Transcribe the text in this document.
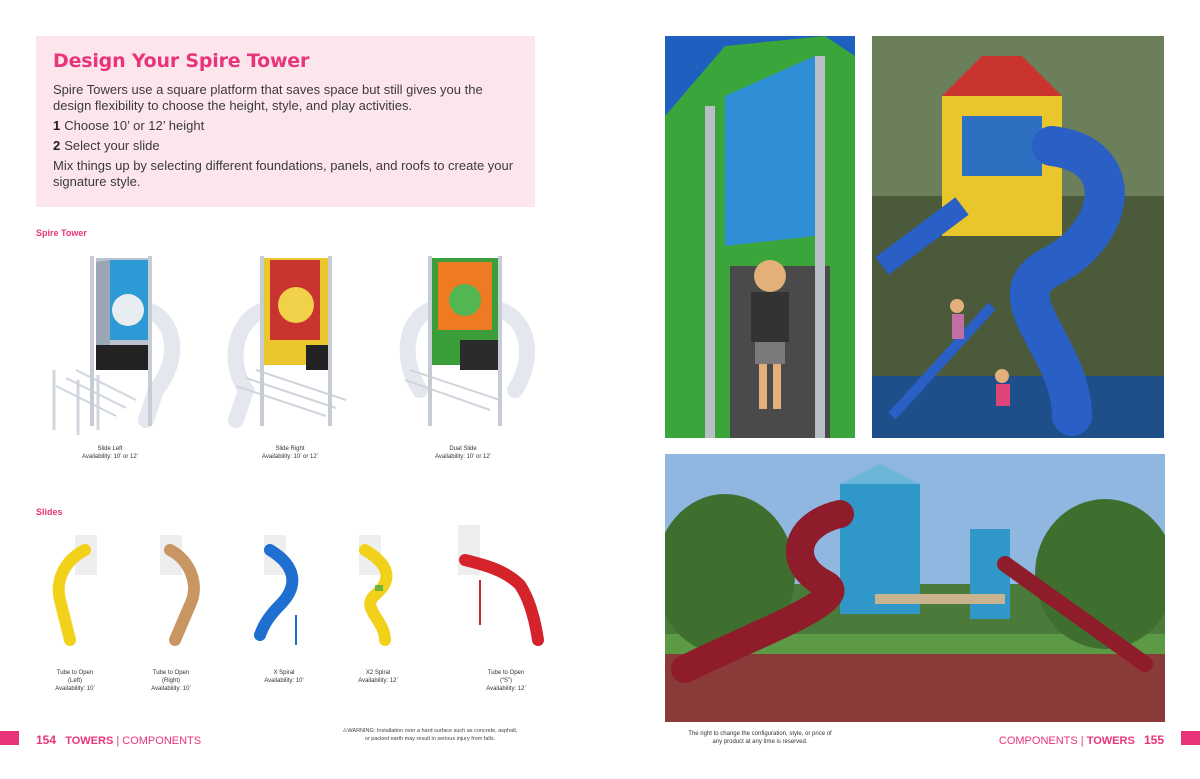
Design Your Spire Tower
Spire Towers use a square platform that saves space but still gives you the design flexibility to choose the height, style, and play activities.
1 Choose 10’ or 12’ height
2 Select your slide
Mix things up by selecting different foundations, panels, and roofs to create your signature style.
Spire Tower
Slide Left
Availability: 10’ or 12’
Slide Right
Availability: 10’ or 12’
Dual Slide
Availability: 10’ or 12’
Slides
Tube to Open
(Left)
Availability: 10’
Tube to Open
(Right)
Availability: 10’
X Spiral
Availability: 10’
X2 Spiral
Availability: 12’
Tube to Open
(“S”)
Availability: 12’
154 TOWERS | COMPONENTS
⚠WARNING: Installation over a hard surface such as concrete, asphalt,
or packed earth may result in serious injury from falls.
The right to change the configuration, style, or price of
any product at any time is reserved.	COMPONENTS | TOWERS 155
